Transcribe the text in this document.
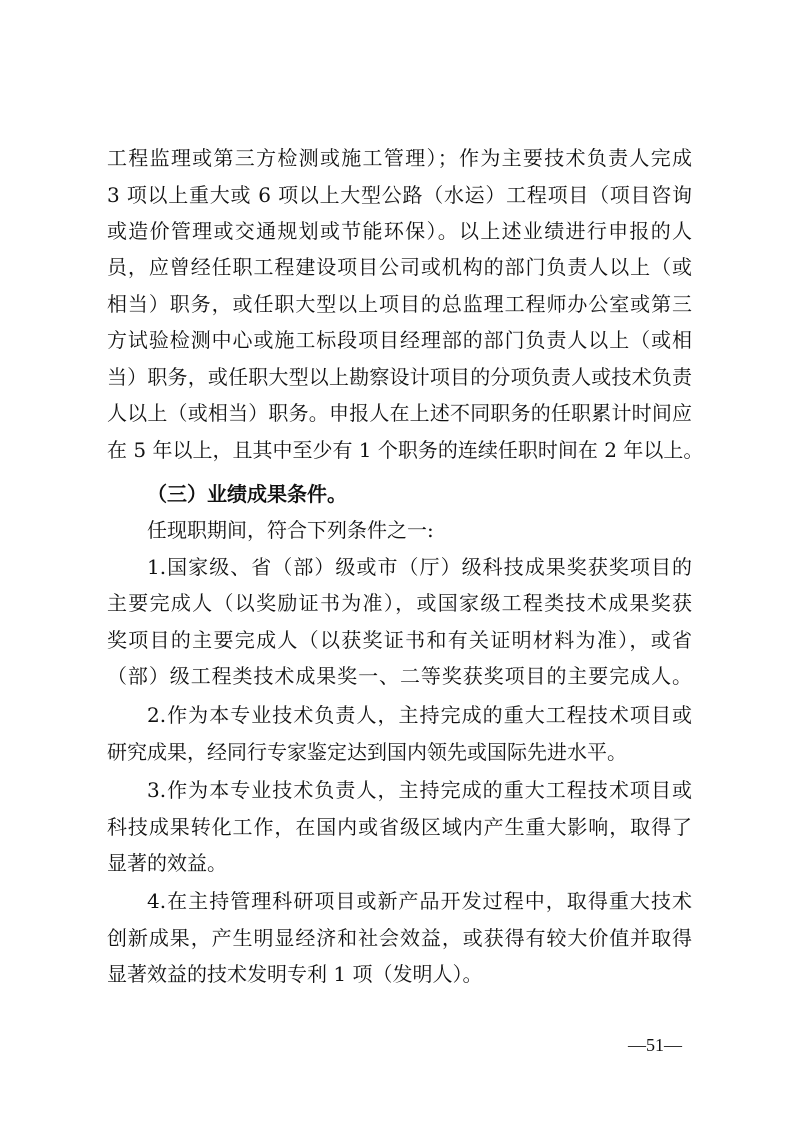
工程监理或第三方检测或施工管理）；作为主要技术负责人完成
3 项以上重大或 6 项以上大型公路（水运）工程项目（项目咨询
或造价管理或交通规划或节能环保）。以上述业绩进行申报的人
员，应曾经任职工程建设项目公司或机构的部门负责人以上（或
相当）职务，或任职大型以上项目的总监理工程师办公室或第三
方试验检测中心或施工标段项目经理部的部门负责人以上（或相
当）职务，或任职大型以上勘察设计项目的分项负责人或技术负责
人以上（或相当）职务。申报人在上述不同职务的任职累计时间应
在 5 年以上，且其中至少有 1 个职务的连续任职时间在 2 年以上。
（三）业绩成果条件。
任现职期间，符合下列条件之一:
1.国家级、省（部）级或市（厅）级科技成果奖获奖项目的
主要完成人（以奖励证书为准），或国家级工程类技术成果奖获
奖项目的主要完成人（以获奖证书和有关证明材料为准），或省
（部）级工程类技术成果奖一、二等奖获奖项目的主要完成人。
2.作为本专业技术负责人，主持完成的重大工程技术项目或
研究成果，经同行专家鉴定达到国内领先或国际先进水平。
3.作为本专业技术负责人，主持完成的重大工程技术项目或
科技成果转化工作，在国内或省级区域内产生重大影响，取得了
显著的效益。
4.在主持管理科研项目或新产品开发过程中，取得重大技术
创新成果，产生明显经济和社会效益，或获得有较大价值并取得
显著效益的技术发明专利 1 项（发明人）。
—51—
